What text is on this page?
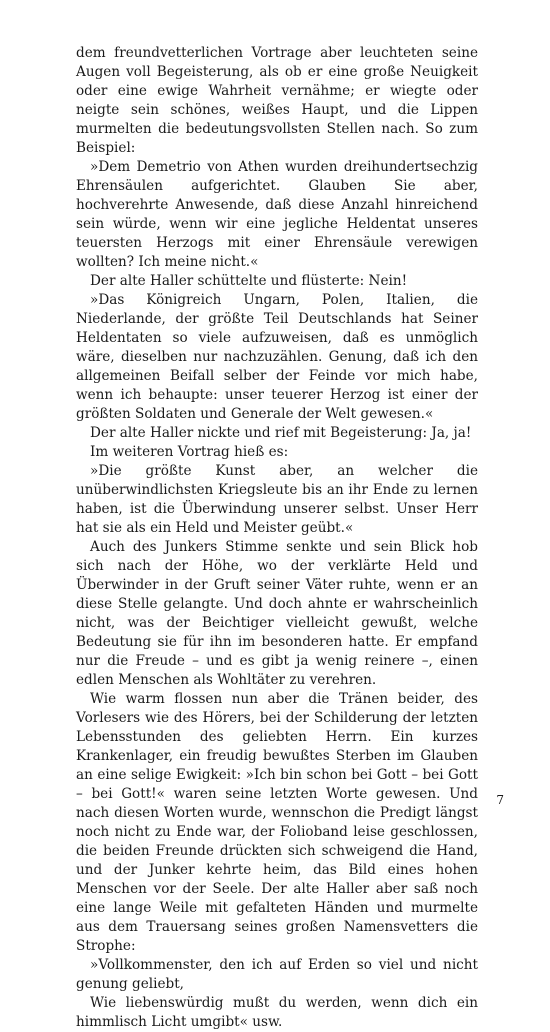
dem freundvetterlichen Vortrage aber leuchteten seine Augen voll Begeisterung, als ob er eine große Neuigkeit oder eine ewige Wahrheit vernähme; er wiegte oder neigte sein schönes, weißes Haupt, und die Lippen murmelten die bedeutungsvollsten Stellen nach. So zum Beispiel:

»Dem Demetrio von Athen wurden dreihundertsechzig Ehrensäulen aufgerichtet. Glauben Sie aber, hochverehrte Anwesende, daß diese Anzahl hinreichend sein würde, wenn wir eine jegliche Heldentat unseres teuersten Herzogs mit einer Ehrensäule verewigen wollten? Ich meine nicht.«

Der alte Haller schüttelte und flüsterte: Nein!

»Das Königreich Ungarn, Polen, Italien, die Niederlande, der größte Teil Deutschlands hat Seiner Heldentaten so viele aufzuweisen, daß es unmöglich wäre, dieselben nur nachzuzählen. Genung, daß ich den allgemeinen Beifall selber der Feinde vor mich habe, wenn ich behaupte: unser teuerer Herzog ist einer der größten Soldaten und Generale der Welt gewesen.«

Der alte Haller nickte und rief mit Begeisterung: Ja, ja!

Im weiteren Vortrag hieß es:

»Die größte Kunst aber, an welcher die unüberwindlichsten Kriegsleute bis an ihr Ende zu lernen haben, ist die Überwindung unserer selbst. Unser Herr hat sie als ein Held und Meister geübt.«

Auch des Junkers Stimme senkte und sein Blick hob sich nach der Höhe, wo der verklärte Held und Überwinder in der Gruft seiner Väter ruhte, wenn er an diese Stelle gelangte. Und doch ahnte er wahrscheinlich nicht, was der Beichtiger vielleicht gewußt, welche Bedeutung sie für ihn im besonderen hatte. Er empfand nur die Freude – und es gibt ja wenig reinere –, einen edlen Menschen als Wohltäter zu verehren.

Wie warm flossen nun aber die Tränen beider, des Vorlesers wie des Hörers, bei der Schilderung der letzten Lebensstunden des geliebten Herrn. Ein kurzes Krankenlager, ein freudig bewußtes Sterben im Glauben an eine selige Ewigkeit: »Ich bin schon bei Gott – bei Gott – bei Gott!« waren seine letzten Worte gewesen. Und nach diesen Worten wurde, wennschon die Predigt längst noch nicht zu Ende war, der Folioband leise geschlossen, die beiden Freunde drückten sich schweigend die Hand, und der Junker kehrte heim, das Bild eines hohen Menschen vor der Seele. Der alte Haller aber saß noch eine lange Weile mit gefalteten Händen und murmelte aus dem Trauersang seines großen Namensvetters die Strophe:

»Vollkommenster, den ich auf Erden so viel und nicht genung geliebt,

Wie liebenswürdig mußt du werden, wenn dich ein himmlisch Licht umgibt« usw.

7
